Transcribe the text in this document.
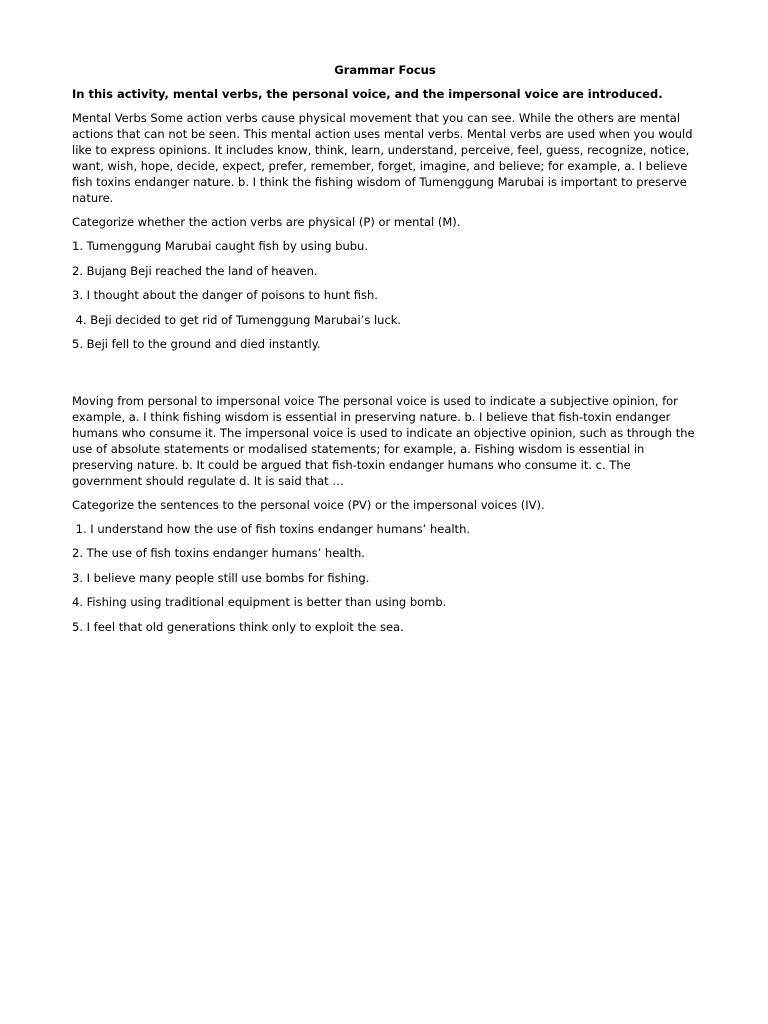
Grammar Focus

In this activity, mental verbs, the personal voice, and the impersonal voice are introduced.

Mental Verbs Some action verbs cause physical movement that you can see. While the others are mental actions that can not be seen. This mental action uses mental verbs. Mental verbs are used when you would like to express opinions. It includes know, think, learn, understand, perceive, feel, guess, recognize, notice, want, wish, hope, decide, expect, prefer, remember, forget, imagine, and believe; for example, a. I believe fish toxins endanger nature. b. I think the fishing wisdom of Tumenggung Marubai is important to preserve nature.

Categorize whether the action verbs are physical (P) or mental (M).

1. Tumenggung Marubai caught fish by using bubu.

2. Bujang Beji reached the land of heaven.

3. I thought about the danger of poisons to hunt fish.

4. Beji decided to get rid of Tumenggung Marubai’s luck.

5. Beji fell to the ground and died instantly.

Moving from personal to impersonal voice The personal voice is used to indicate a subjective opinion, for example, a. I think fishing wisdom is essential in preserving nature. b. I believe that fish-toxin endanger humans who consume it. The impersonal voice is used to indicate an objective opinion, such as through the use of absolute statements or modalised statements; for example, a. Fishing wisdom is essential in preserving nature. b. It could be argued that fish-toxin endanger humans who consume it. c. The government should regulate d. It is said that …

Categorize the sentences to the personal voice (PV) or the impersonal voices (IV).

1. I understand how the use of fish toxins endanger humans’ health.

2. The use of fish toxins endanger humans’ health.

3. I believe many people still use bombs for fishing.

4. Fishing using traditional equipment is better than using bomb.

5. I feel that old generations think only to exploit the sea.
